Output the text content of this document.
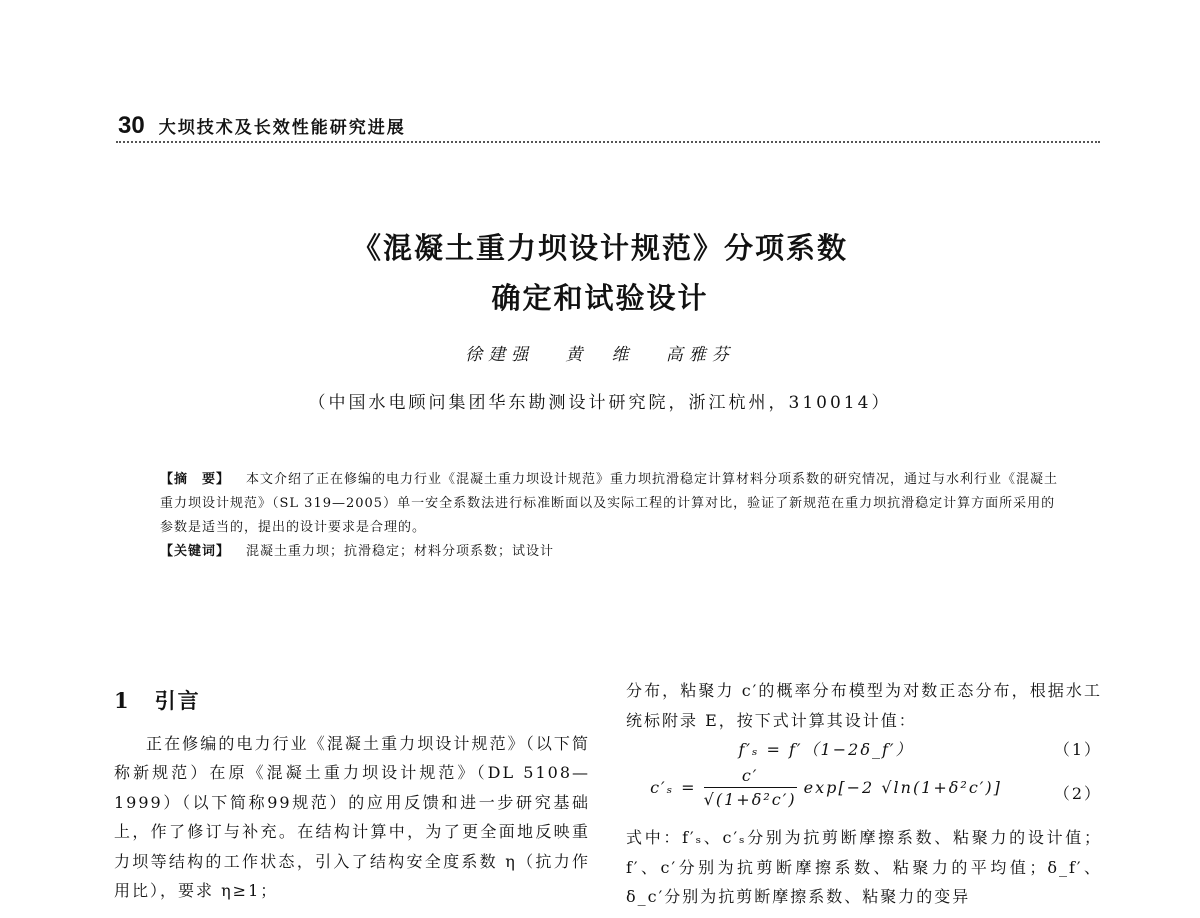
30 大坝技术及长效性能研究进展
《混凝土重力坝设计规范》分项系数
确定和试验设计
徐建强 黄　维 高雅芬
（中国水电顾问集团华东勘测设计研究院，浙江杭州，310014）
【摘　要】 本文介绍了正在修编的电力行业《混凝土重力坝设计规范》重力坝抗滑稳定计算材料分项系数的研究情况，通过与水利行业《混凝土重力坝设计规范》（SL 319—2005）单一安全系数法进行标准断面以及实际工程的计算对比，验证了新规范在重力坝抗滑稳定计算方面所采用的参数是适当的，提出的设计要求是合理的。
【关键词】 混凝土重力坝；抗滑稳定；材料分项系数；试设计
1 引言
正在修编的电力行业《混凝土重力坝设计规范》（以下简称新规范）在原《混凝土重力坝设计规范》（DL 5108—1999）（以下简称99规范）的应用反馈和进一步研究基础上，作了修订与补充。在结构计算中，为了更全面地反映重力坝等结构的工作状态，引入了结构安全度系数 η（抗力作用比），要求 η≥1；
分布，粘聚力 c′的概率分布模型为对数正态分布，根据水工统标附录 E，按下式计算其设计值：
f′ₛ = f′（1−2δ_f′）	（1）
$c'_s = \frac{c'}{\text{√(1+δ²c′)}} \exp[-2$ √ln(1+δ²c′)]	（2）
式中：f′ₛ、c′ₛ分别为抗剪断摩擦系数、粘聚力的设计值；f′、c′分别为抗剪断摩擦系数、粘聚力的平均值；δ_f′、δ_c′分别为抗剪断摩擦系数、粘聚力的变异
